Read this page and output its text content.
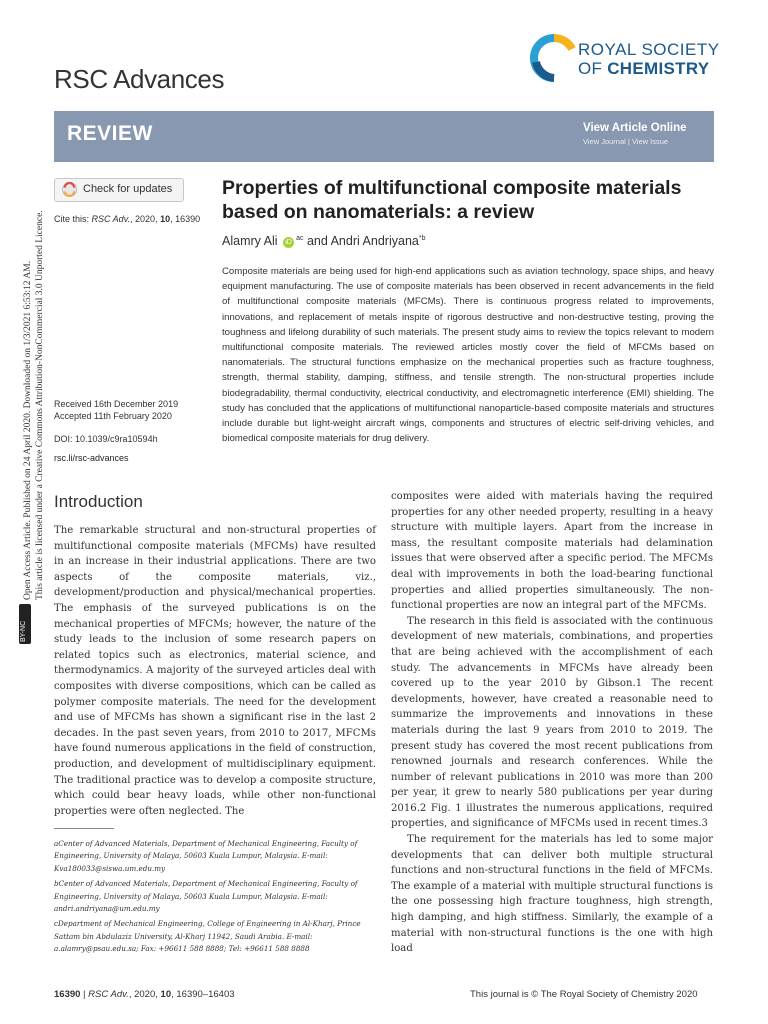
Open Access Article. Published on 24 April 2020. Downloaded on 1/3/2021 6:53:12 AM. This article is licensed under a Creative Commons Attribution-NonCommercial 3.0 Unported Licence.
BY-NC
RSC Advances
ROYAL SOCIETY
OF CHEMISTRY
REVIEW	View Article Online
View Journal | View Issue
Check for updates
Cite this: RSC Adv., 2020, 10, 16390
Properties of multifunctional composite materials based on nanomaterials: a review
Alamry Ali $iD^{ac}$ and Andri Andriyana$^{*b}$
Composite materials are being used for high-end applications such as aviation technology, space ships, and heavy equipment manufacturing. The use of composite materials has been observed in recent advancements in the field of multifunctional composite materials (MFCMs). There is continuous progress related to improvements, innovations, and replacement of metals inspite of rigorous destructive and non-destructive testing, proving the toughness and lifelong durability of such materials. The present study aims to review the topics relevant to modern multifunctional composite materials. The reviewed articles mostly cover the field of MFCMs based on nanomaterials. The structural functions emphasize on the mechanical properties such as fracture toughness, strength, thermal stability, damping, stiffness, and tensile strength. The non-structural properties include biodegradability, thermal conductivity, electrical conductivity, and electromagnetic interference (EMI) shielding. The study has concluded that the applications of multifunctional nanoparticle-based composite materials and structures include durable but light-weight aircraft wings, components and structures of electric self-driving vehicles, and biomedical composite materials for drug delivery.
Received 16th December 2019
Accepted 11th February 2020
DOI: 10.1039/c9ra10594h
rsc.li/rsc-advances
Introduction

The remarkable structural and non-structural properties of multifunctional composite materials (MFCMs) have resulted in an increase in their industrial applications. There are two aspects of the composite materials, viz., development/production and physical/mechanical properties. The emphasis of the surveyed publications is on the mechanical properties of MFCMs; however, the nature of the study leads to the inclusion of some research papers on related topics such as electronics, material science, and thermodynamics. A majority of the surveyed articles deal with composites with diverse compositions, which can be called as polymer composite materials. The need for the development and use of MFCMs has shown a significant rise in the last 2 decades. In the past seven years, from 2010 to 2017, MFCMs have found numerous applications in the field of construction, production, and development of multidisciplinary equipment. The traditional practice was to develop a composite structure, which could bear heavy loads, while other non-functional properties were often neglected. The

composites were aided with materials having the required properties for any other needed property, resulting in a heavy structure with multiple layers. Apart from the increase in mass, the resultant composite materials had delamination issues that were observed after a specific period. The MFCMs deal with improvements in both the load-bearing functional properties and allied properties simultaneously. The non-functional properties are now an integral part of the MFCMs.

The research in this field is associated with the continuous development of new materials, combinations, and properties that are being achieved with the accomplishment of each study. The advancements in MFCMs have already been covered up to the year 2010 by Gibson.1 The recent developments, however, have created a reasonable need to summarize the improvements and innovations in these materials during the last 9 years from 2010 to 2019. The present study has covered the most recent publications from renowned journals and research conferences. While the number of relevant publications in 2010 was more than 200 per year, it grew to nearly 580 publications per year during 2016.2 Fig. 1 illustrates the numerous applications, required properties, and significance of MFCMs used in recent times.3

The requirement for the materials has led to some major developments that can deliver both multiple structural functions and non-structural functions in the field of MFCMs. The example of a material with multiple structural functions is the one possessing high fracture toughness, high strength, high damping, and high stiffness. Similarly, the example of a material with non-structural functions is the one with high load

aCenter of Advanced Materials, Department of Mechanical Engineering, Faculty of Engineering, University of Malaya, 50603 Kuala Lumpur, Malaysia. E-mail: Kva180033@siswa.um.edu.my

bCenter of Advanced Materials, Department of Mechanical Engineering, Faculty of Engineering, University of Malaya, 50603 Kuala Lumpur, Malaysia. E-mail: andri.andriyana@um.edu.my

cDepartment of Mechanical Engineering, College of Engineering in Al-Kharj, Prince Sattam bin Abdulaziz University, Al-Kharj 11942, Saudi Arabia. E-mail: a.alamry@psau.edu.sa; Fax: +96611 588 8888; Tel: +96611 588 8888

16390 | RSC Adv., 2020, 10, 16390–16403	This journal is © The Royal Society of Chemistry 2020
